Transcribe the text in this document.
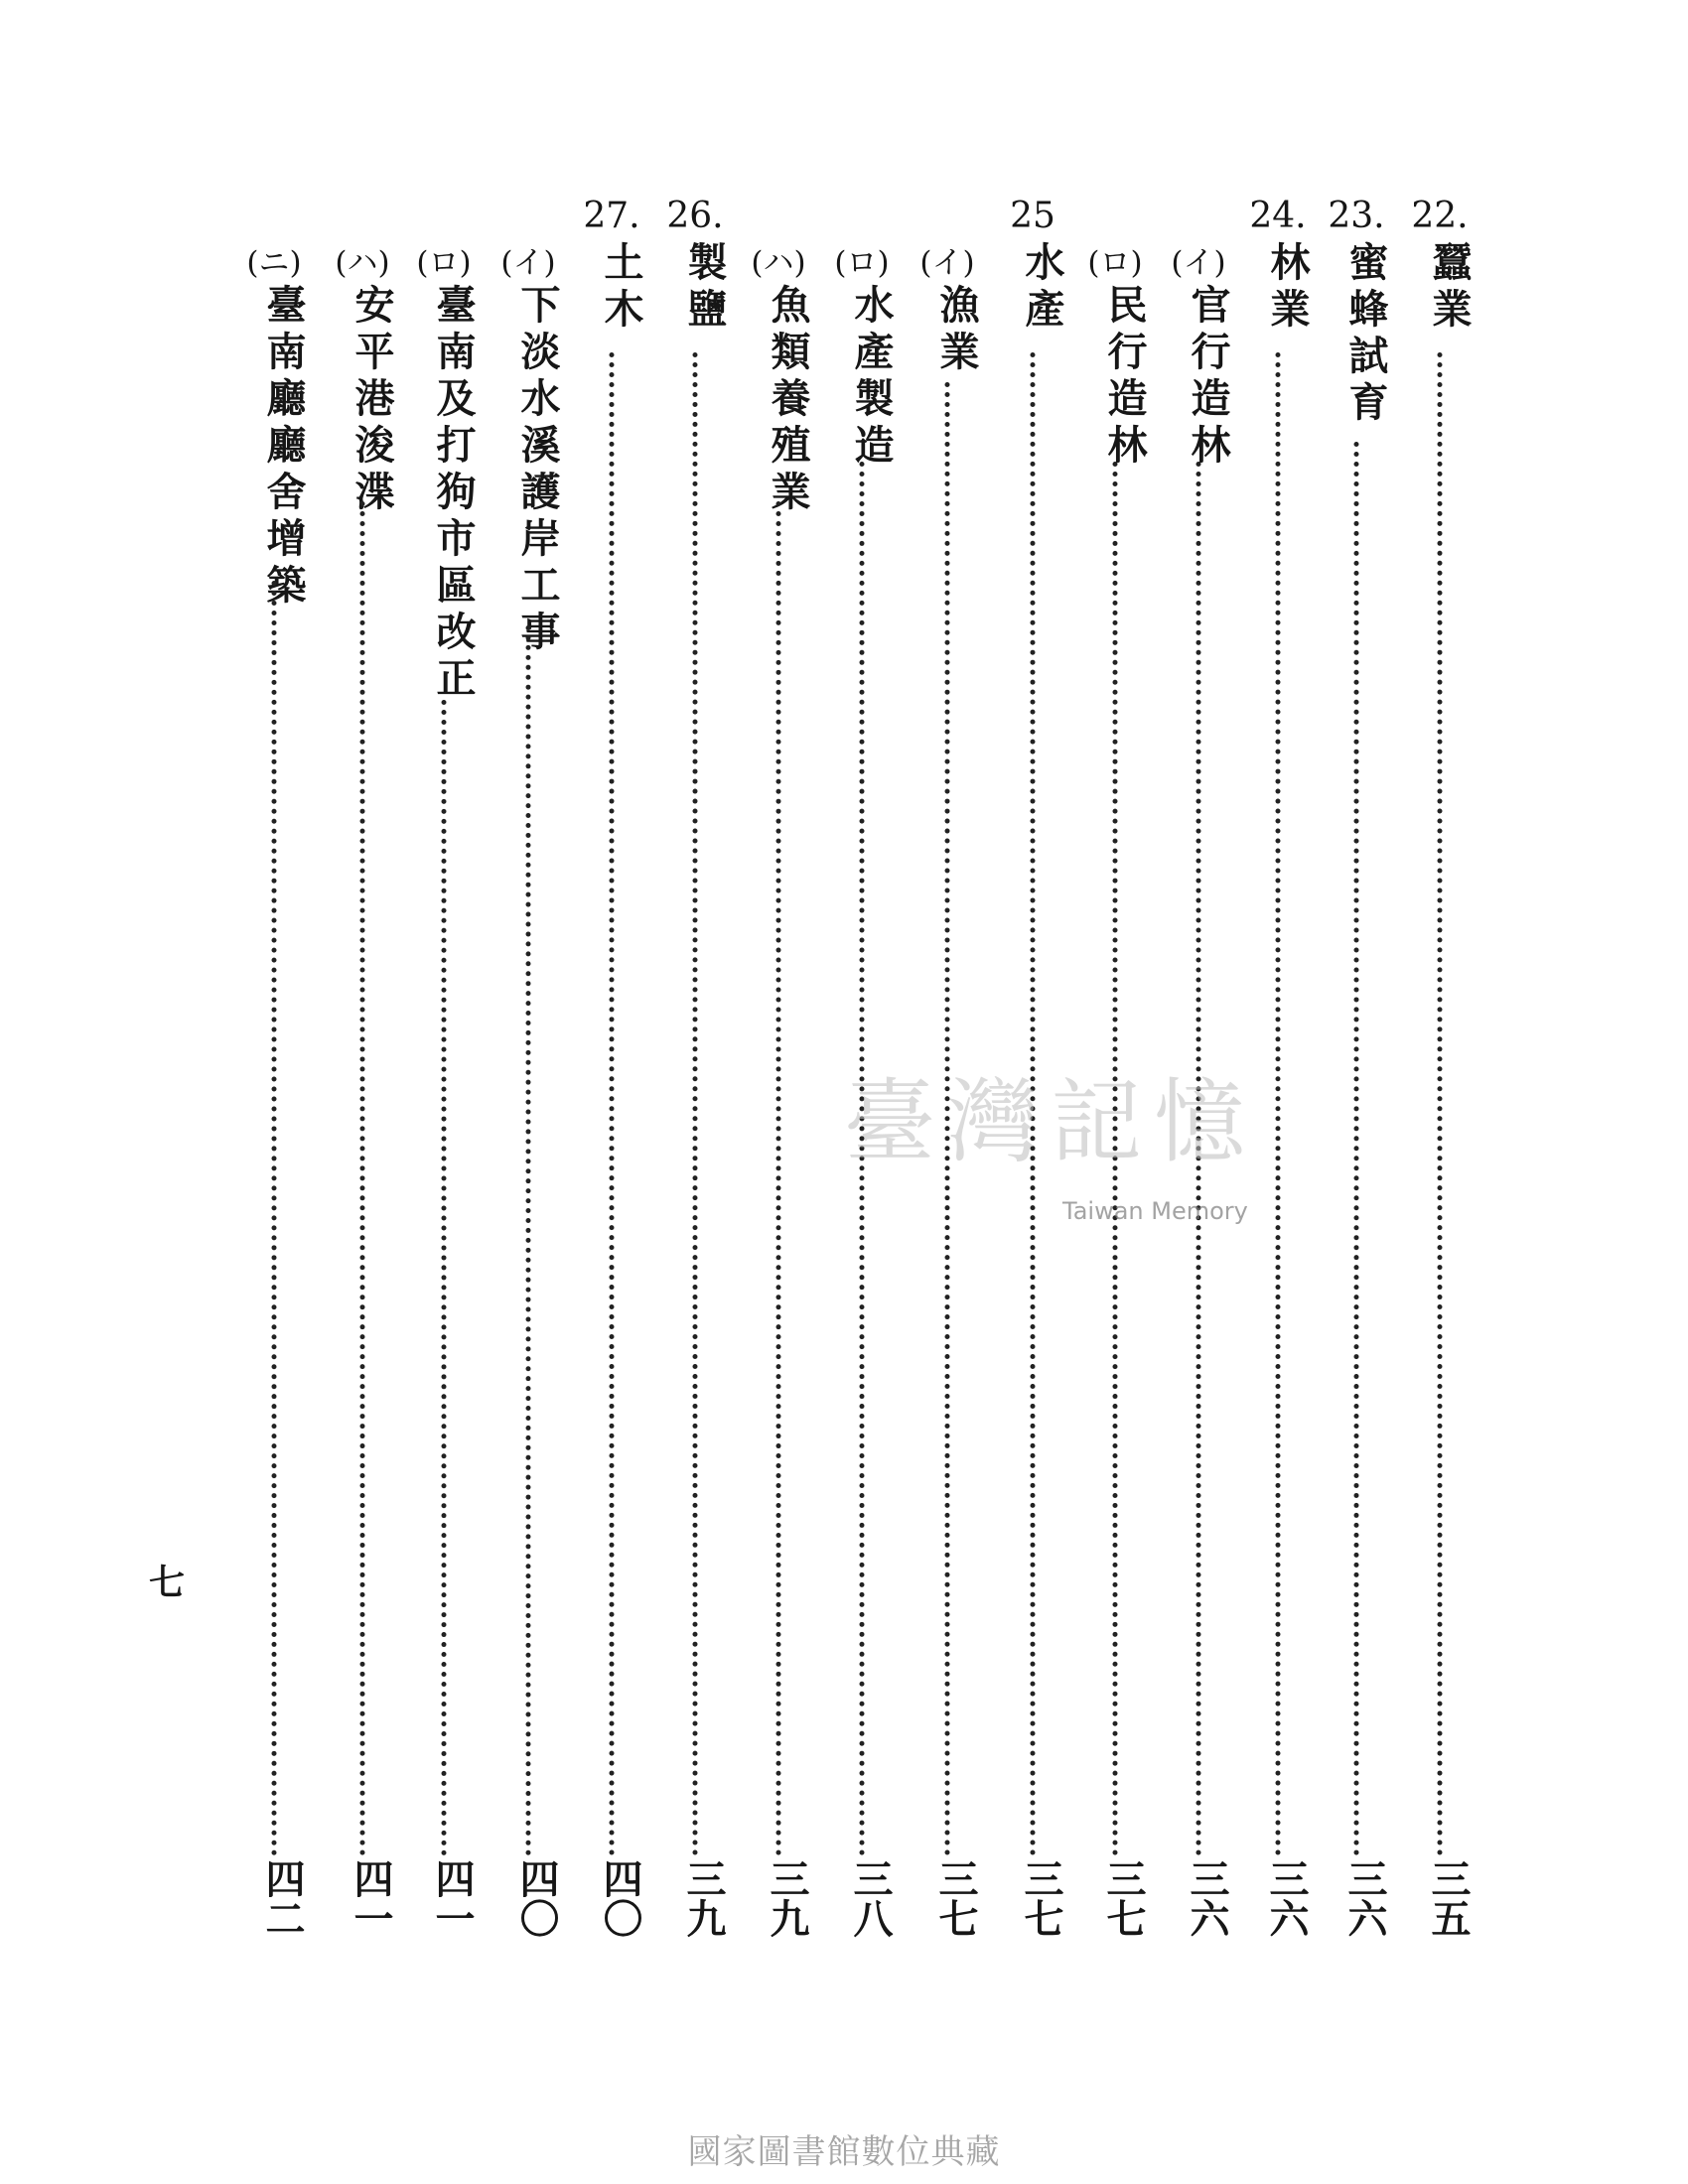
22.
蠶業
三五
23.
蜜蜂試育
三六
24.
林業
三六
(イ)
官行造林
三六
(ロ)
民行造林
三七
25
水產
三七
(イ)
漁業
三七
(ロ)
水產製造
三八
(ハ)
魚類養殖業
三九
26.
製鹽
三九
27.
土木
四〇
(イ)
下淡水溪護岸工事
四〇
(ロ)
臺南及打狗市區改正
四一
(ハ)
安平港浚渫
四一
(ニ)
臺南廳廳舍增築
四二
七
臺灣記憶
Taiwan Memory
國家圖書館數位典藏
